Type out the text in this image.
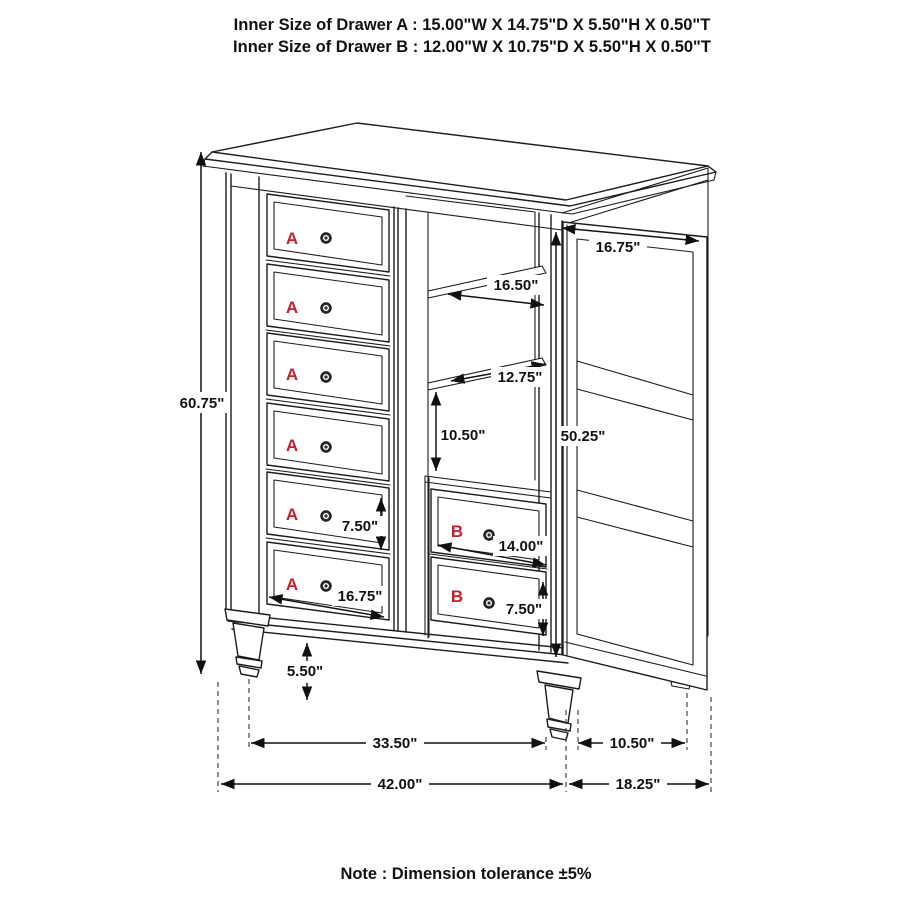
Inner Size of Drawer A : 15.00"W X 14.75"D X 5.50"H X 0.50"T
Inner Size of Drawer B : 12.00"W X 10.75"D X 5.50"H X 0.50"T
A
A
A
A
A
A
B
B
60.75"
16.75"
16.50"
12.75"
10.50"	50.25"
7.50"
16.75"
14.00"
7.50"
5.50"
33.50"	10.50"
42.00"	18.25"
Note : Dimension tolerance ±5%
